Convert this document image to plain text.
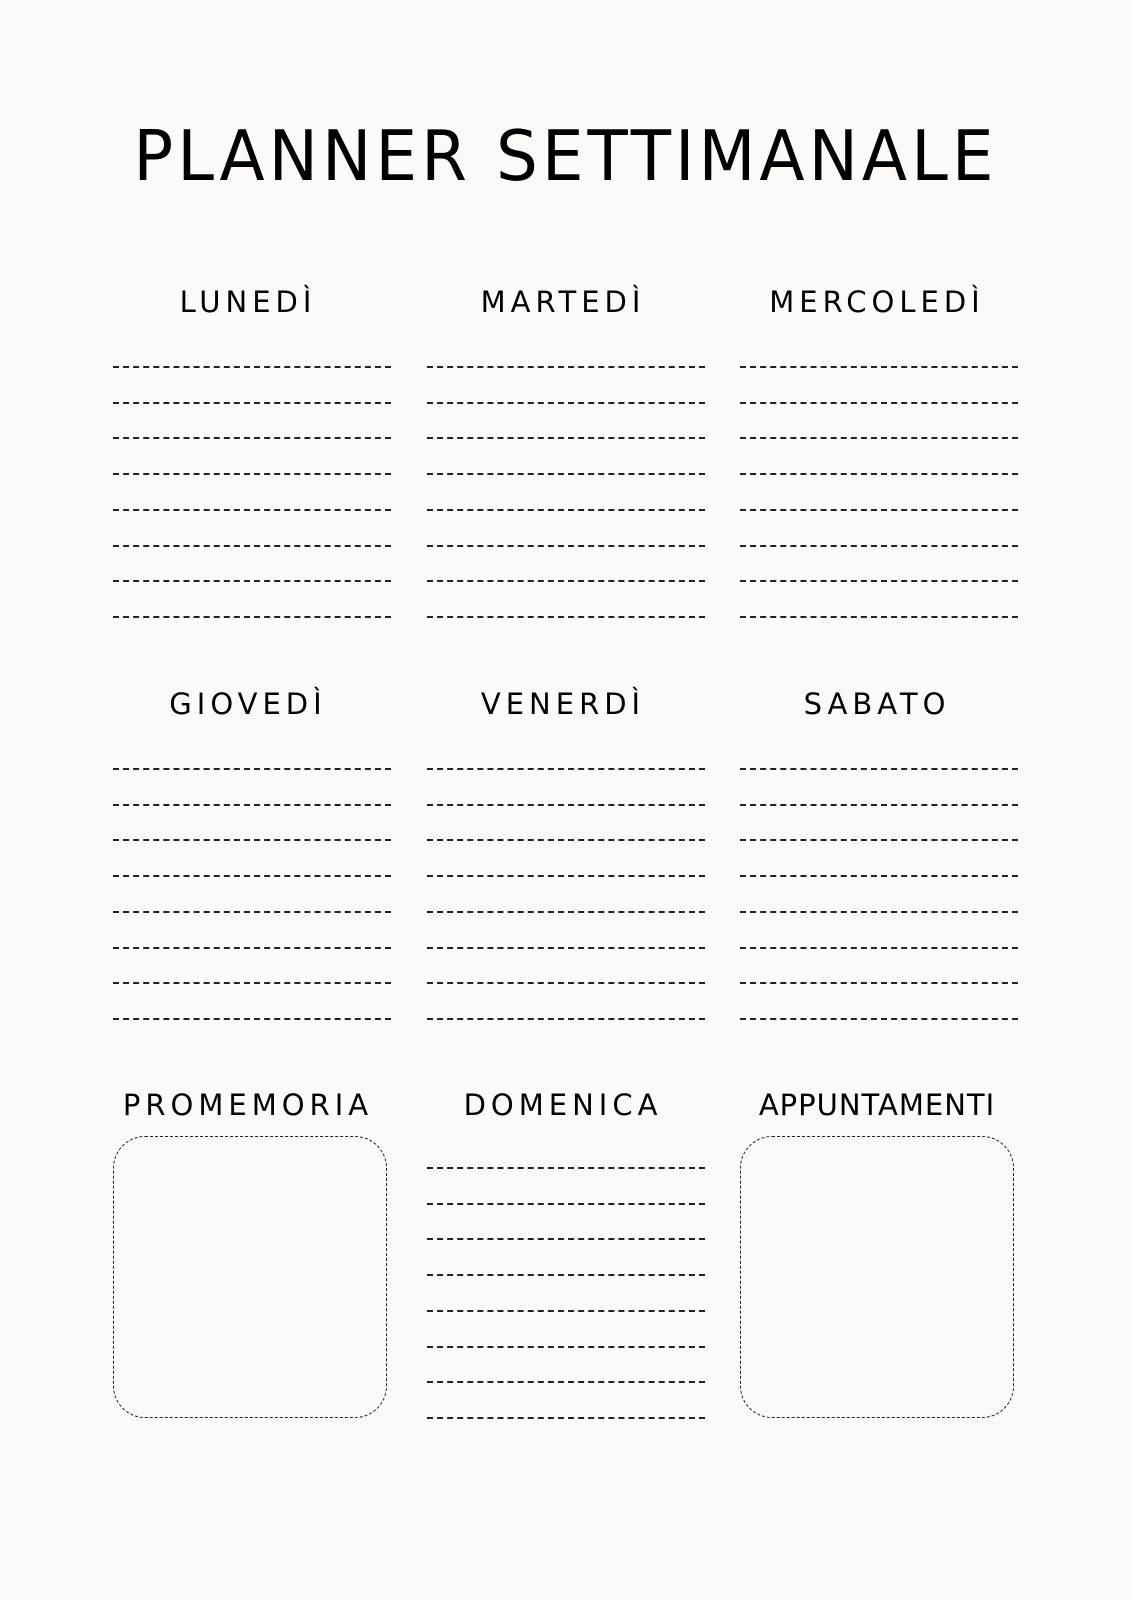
PLANNER SETTIMANALE
LUNEDÌ	MARTEDÌ	MERCOLEDÌ
GIOVEDÌ	VENERDÌ	SABATO
PROMEMORIA	DOMENICA	APPUNTAMENTI
